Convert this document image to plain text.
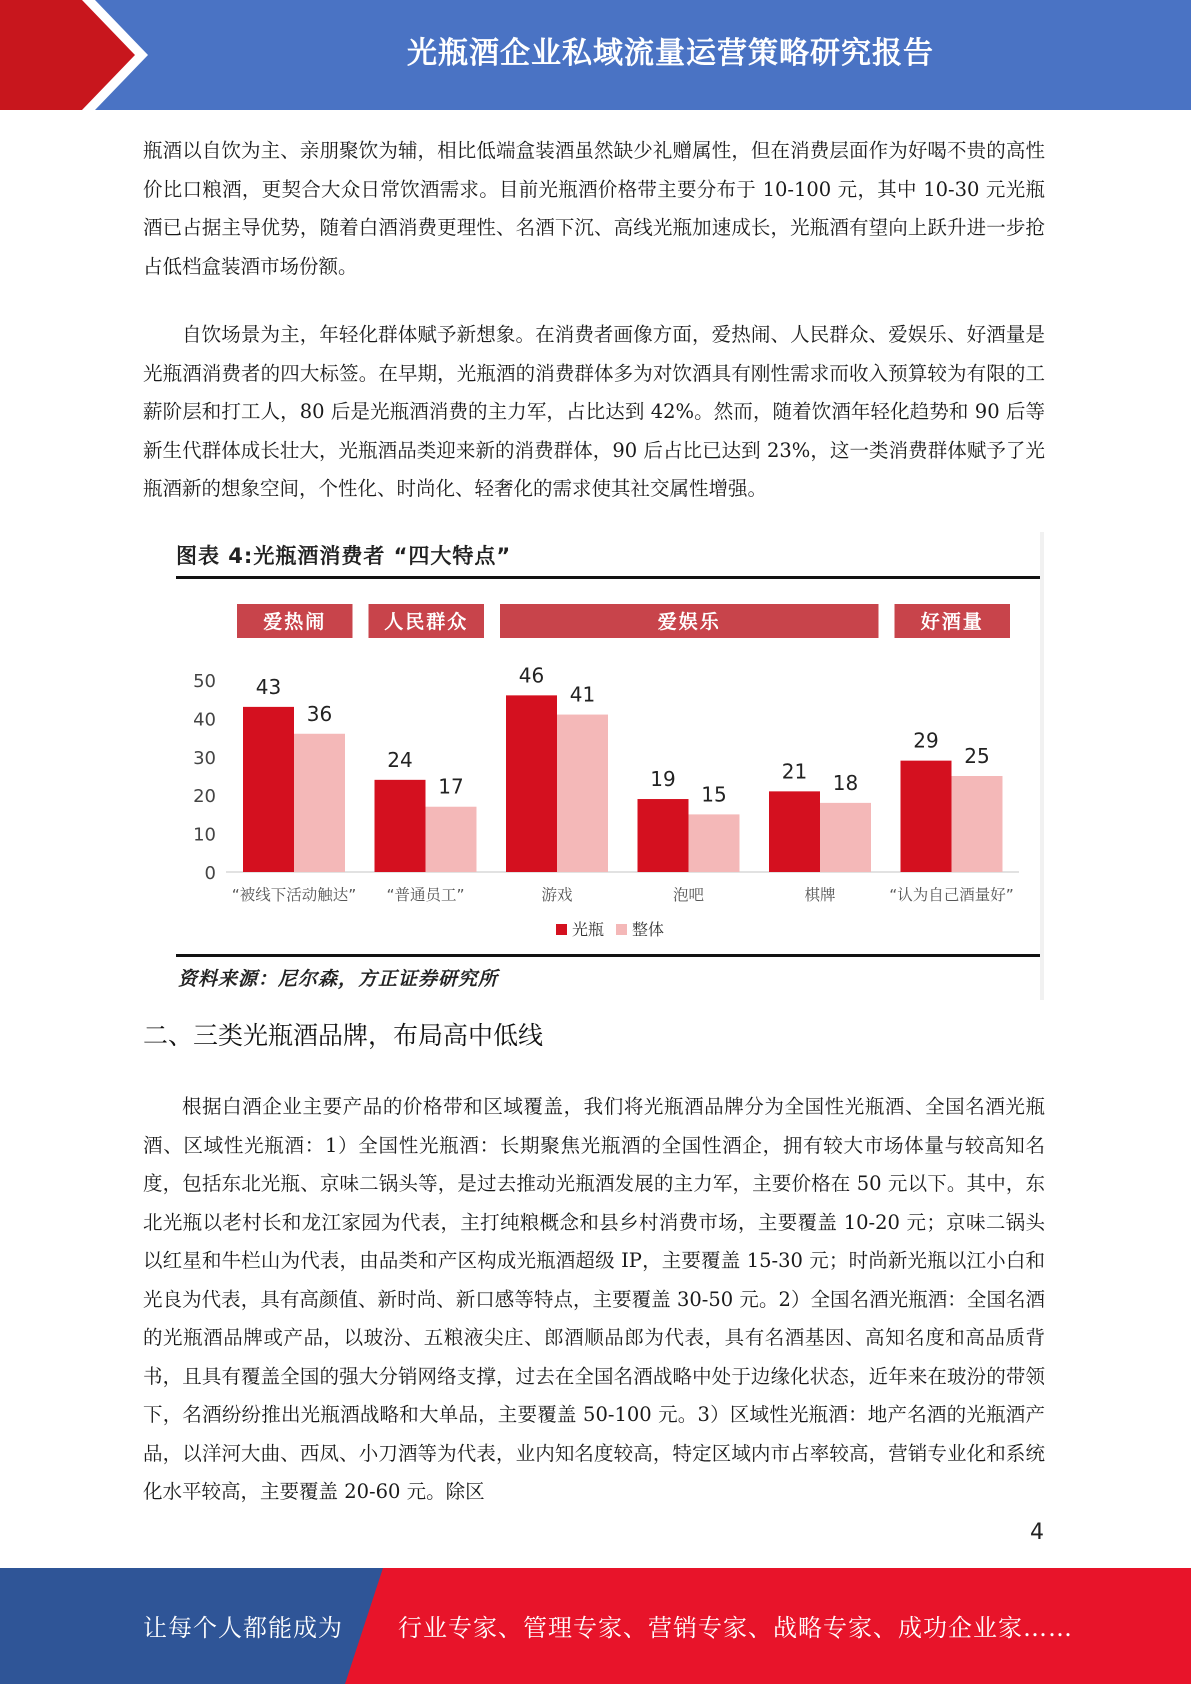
光瓶酒企业私域流量运营策略研究报告

瓶酒以自饮为主、亲朋聚饮为辅，相比低端盒装酒虽然缺少礼赠属性，但在消费层面作为好喝不贵的高性价比口粮酒，更契合大众日常饮酒需求。目前光瓶酒价格带主要分布于 10-100 元，其中 10-30 元光瓶酒已占据主导优势，随着白酒消费更理性、名酒下沉、高线光瓶加速成长，光瓶酒有望向上跃升进一步抢占低档盒装酒市场份额。

自饮场景为主，年轻化群体赋予新想象。在消费者画像方面，爱热闹、人民群众、爱娱乐、好酒量是光瓶酒消费者的四大标签。在早期，光瓶酒的消费群体多为对饮酒具有刚性需求而收入预算较为有限的工薪阶层和打工人，80 后是光瓶酒消费的主力军，占比达到 42%。然而，随着饮酒年轻化趋势和 90 后等新生代群体成长壮大，光瓶酒品类迎来新的消费群体，90 后占比已达到 23%，这一类消费群体赋予了光瓶酒新的想象空间，个性化、时尚化、轻奢化的需求使其社交属性增强。

图表 4:光瓶酒消费者 “四大特点”
0
10
20
30
40
50 43
36
“被线下活动触达”
24
17
“普通员工”
46
41
游戏
19
15
泡吧
21 18
棋牌
29
25
“认为自己酒量好”
爱热闹	人民群众	爱娱乐	好酒量
光瓶 整体
资料来源：尼尔森，方正证券研究所
二、三类光瓶酒品牌，布局高中低线

根据白酒企业主要产品的价格带和区域覆盖，我们将光瓶酒品牌分为全国性光瓶酒、全国名酒光瓶酒、区域性光瓶酒：1）全国性光瓶酒：长期聚焦光瓶酒的全国性酒企，拥有较大市场体量与较高知名度，包括东北光瓶、京味二锅头等，是过去推动光瓶酒发展的主力军，主要价格在 50 元以下。其中，东北光瓶以老村长和龙江家园为代表，主打纯粮概念和县乡村消费市场，主要覆盖 10-20 元；京味二锅头以红星和牛栏山为代表，由品类和产区构成光瓶酒超级 IP，主要覆盖 15-30 元；时尚新光瓶以江小白和光良为代表，具有高颜值、新时尚、新口感等特点，主要覆盖 30-50 元。2）全国名酒光瓶酒：全国名酒的光瓶酒品牌或产品，以玻汾、五粮液尖庄、郎酒顺品郎为代表，具有名酒基因、高知名度和高品质背书，且具有覆盖全国的强大分销网络支撑，过去在全国名酒战略中处于边缘化状态，近年来在玻汾的带领下，名酒纷纷推出光瓶酒战略和大单品，主要覆盖 50-100 元。3）区域性光瓶酒：地产名酒的光瓶酒产品，以洋河大曲、西凤、小刀酒等为代表，业内知名度较高，特定区域内市占率较高，营销专业化和系统化水平较高，主要覆盖 20-60 元。除区

4
让每个人都能成为 行业专家、管理专家、营销专家、战略专家、成功企业家……
